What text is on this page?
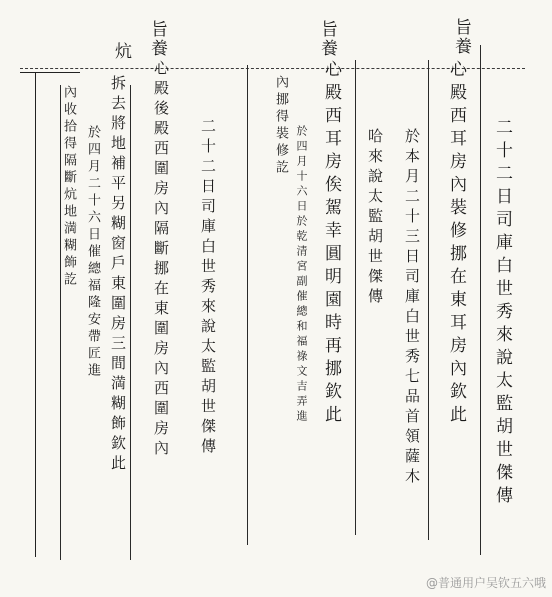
旨養
旨養
旨養
炕
二十二日司庫白世秀來說太監胡世傑傳
心殿西耳房內裝修挪在東耳房內欽此
於本月二十三日司庫白世秀七品首領薩木
哈來說太監胡世傑傳
心殿西耳房俟駕幸圓明園時再挪欽此
於四月十六日於乾清宮副催總和福祿文吉弄進
內挪得裝修訖
二十二日司庫白世秀來說太監胡世傑傳
心殿後殿西圍房內隔斷挪在東圍房內西圍房內
拆去將地補平另糊窗戶東圍房三間満糊飾欽此
於四月二十六日催總福隆安帶匠進
內收拾得隔斷炕地満糊飾訖
@普通用户吴钦五六哦
